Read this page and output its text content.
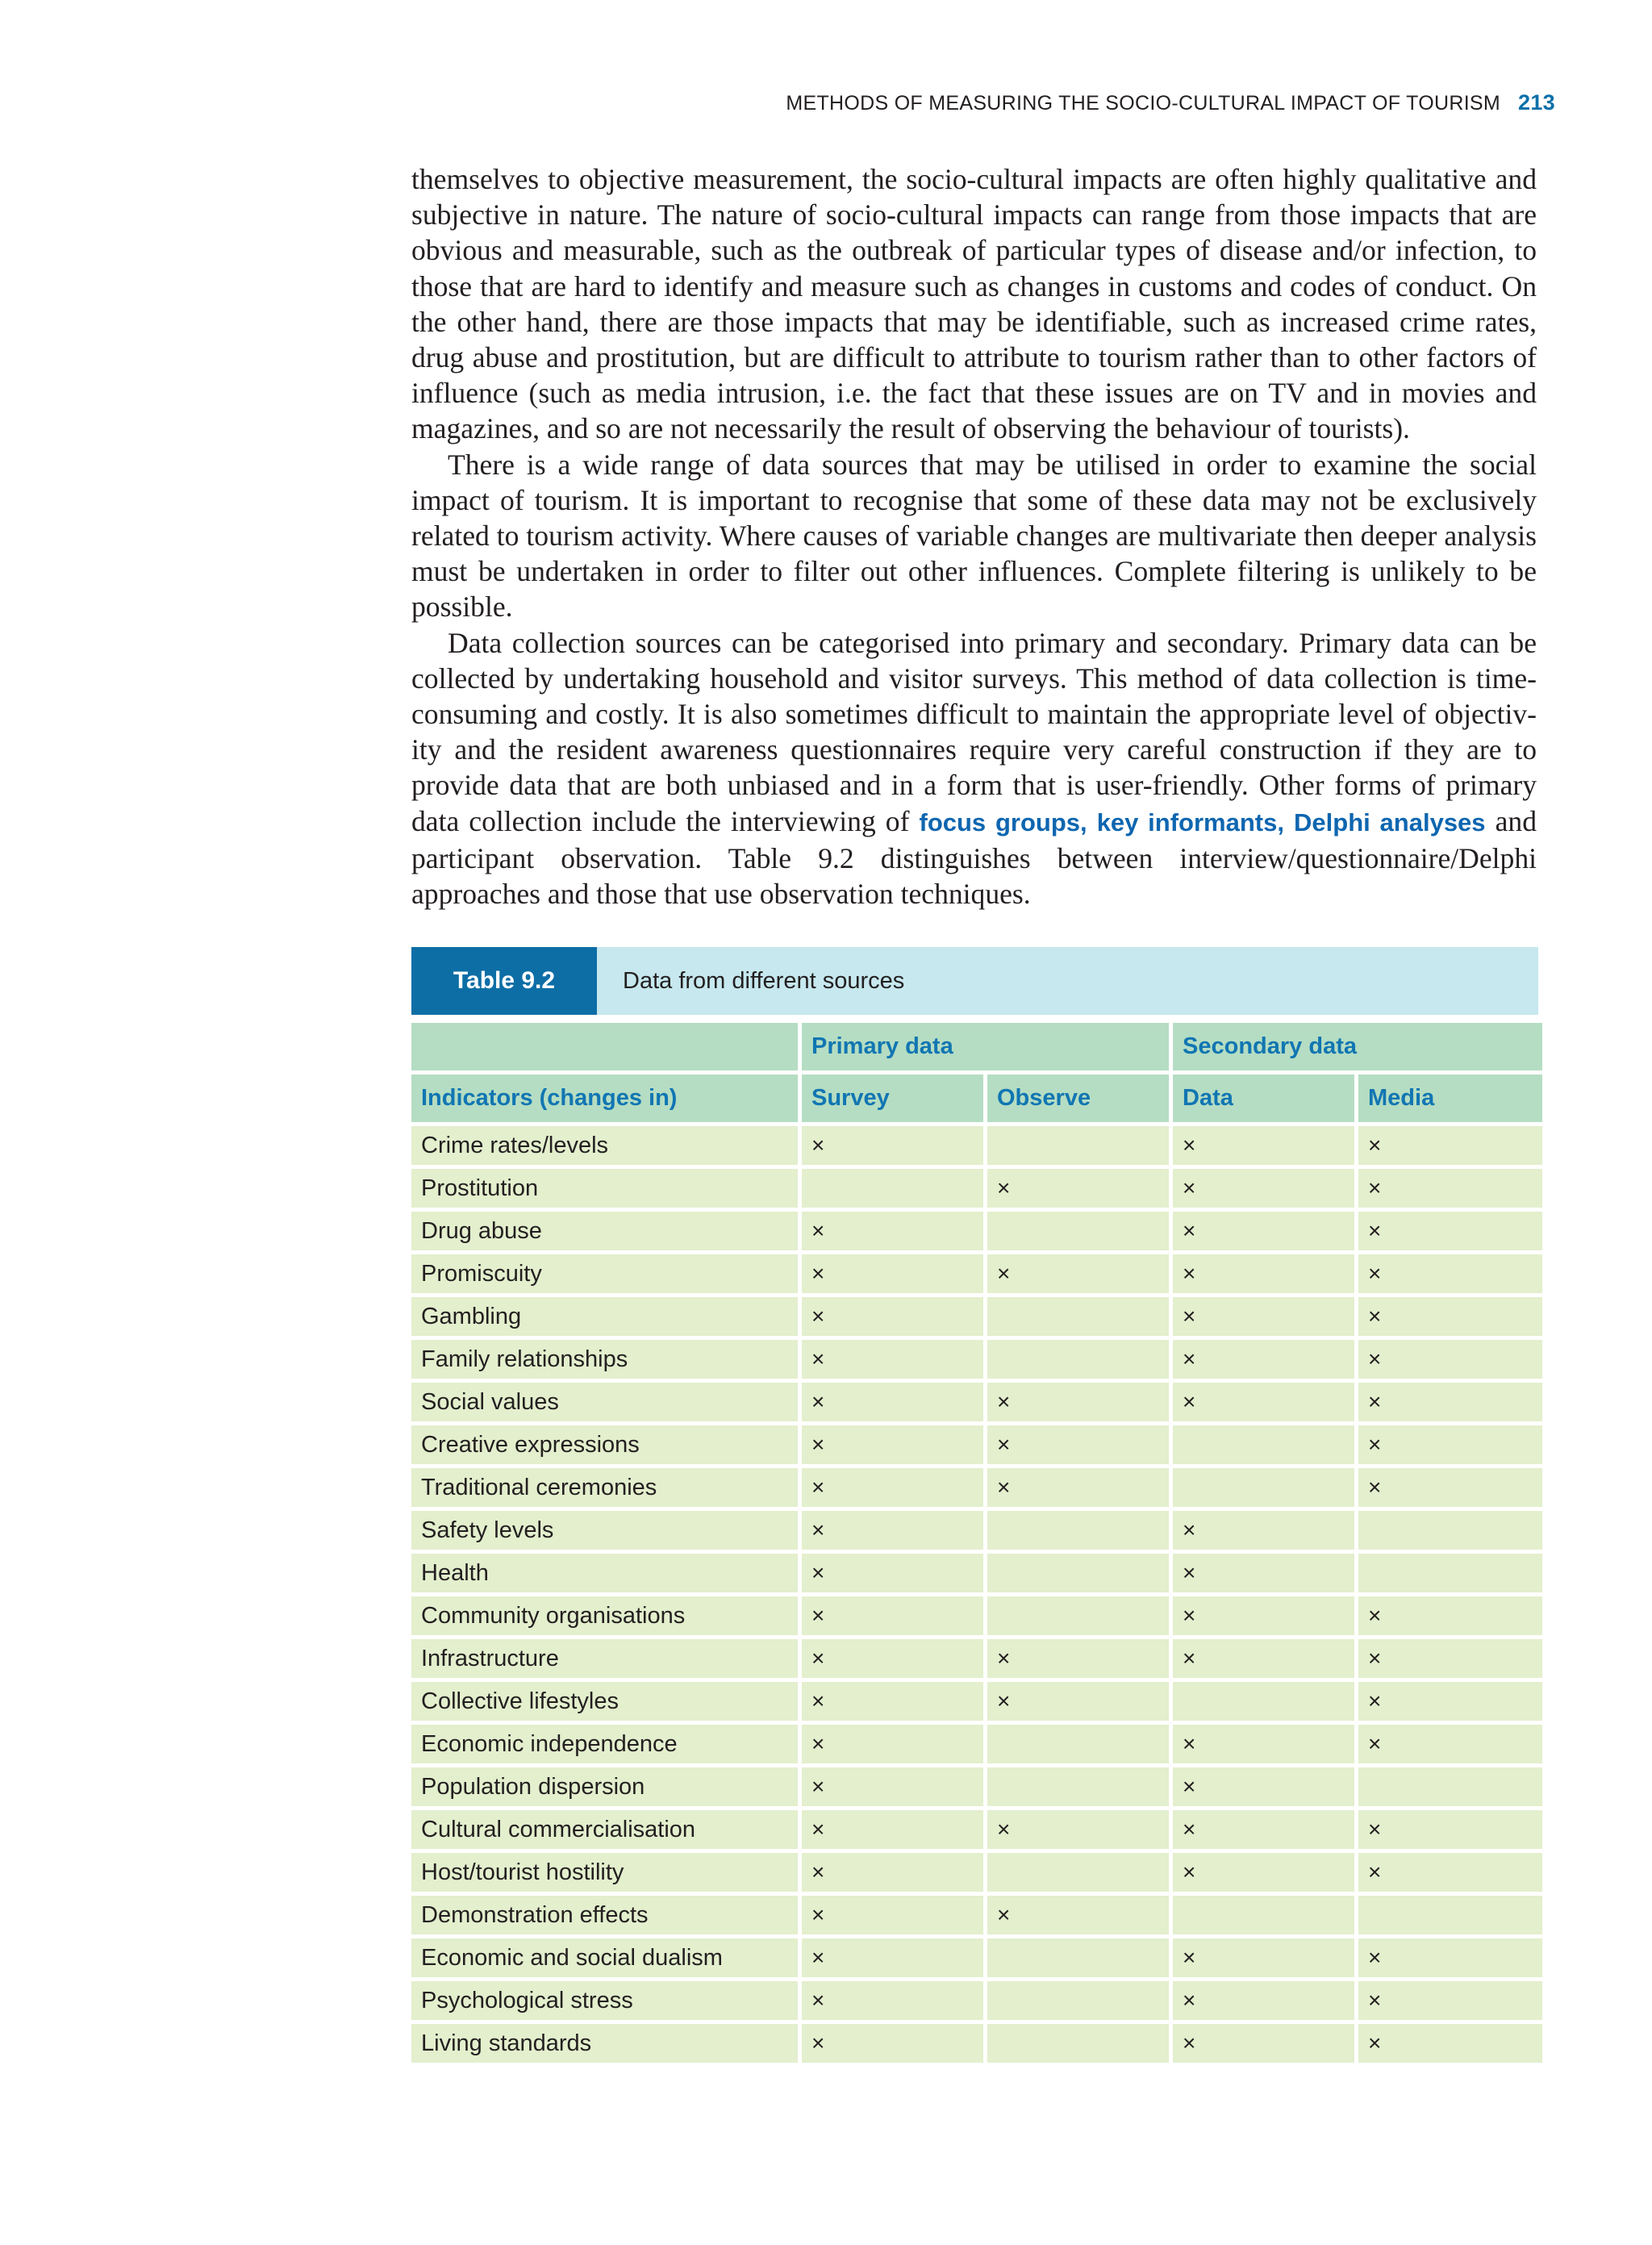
METHODS OF MEASURING THE SOCIO-CULTURAL IMPACT OF TOURISM 213

themselves to objective measurement, the socio-cultural impacts are often highly qualitative and subjective in nature. The nature of socio-cultural impacts can range from those impacts that are obvious and measurable, such as the outbreak of particular types of disease and/or infection, to those that are hard to identify and measure such as changes in customs and codes of conduct. On the other hand, there are those impacts that may be identifiable, such as increased crime rates, drug abuse and prostitution, but are difficult to attribute to tourism rather than to other factors of influence (such as media intrusion, i.e. the fact that these issues are on TV and in movies and magazines, and so are not necessarily the result of observing the behaviour of tourists).

There is a wide range of data sources that may be utilised in order to examine the social impact of tourism. It is important to recognise that some of these data may not be exclusively related to tourism activity. Where causes of variable changes are multivariate then deeper analysis must be undertaken in order to filter out other influences. Complete filtering is unlikely to be possible.

Data collection sources can be categorised into primary and secondary. Primary data can be collected by undertaking household and visitor surveys. This method of data collection is time-consuming and costly. It is also sometimes difficult to maintain the appropriate level of objectiv-ity and the resident awareness questionnaires require very careful construction if they are to provide data that are both unbiased and in a form that is user-friendly. Other forms of primary data collection include the interviewing of focus groups, key informants, Delphi analyses and participant observation. Table 9.2 distinguishes between interview/questionnaire/Delphi approaches and those that use observation techniques.

Table 9.2	Data from different sources
	Primary data		Secondary data	
Indicators (changes in)	Survey	Observe	Data	Media
Crime rates/levels	×		×	×
Prostitution		×	×	×
Drug abuse	×		×	×
Promiscuity	×	×	×	×
Gambling	×		×	×
Family relationships	×		×	×
Social values	×	×	×	×
Creative expressions	×	×		×
Traditional ceremonies	×	×		×
Safety levels	×		×	
Health	×		×	
Community organisations	×		×	×
Infrastructure	×	×	×	×
Collective lifestyles	×	×		×
Economic independence	×		×	×
Population dispersion	×		×	
Cultural commercialisation	×	×	×	×
Host/tourist hostility	×		×	×
Demonstration effects	×	×		
Economic and social dualism	×		×	×
Psychological stress	×		×	×
Living standards	×		×	×
